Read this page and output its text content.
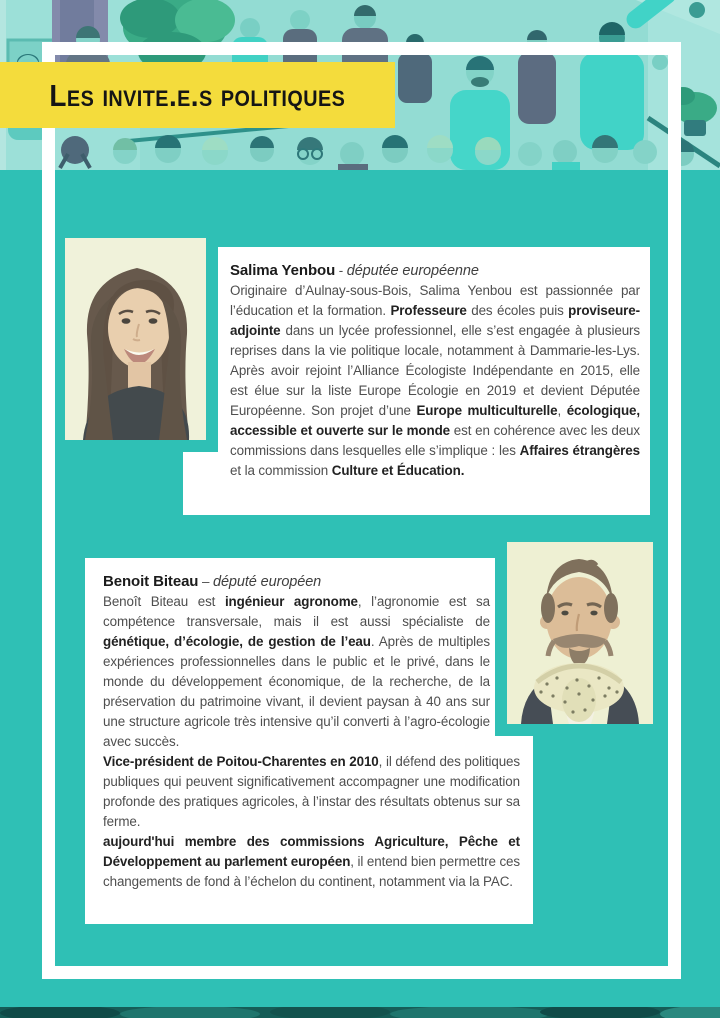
Salima Yenbou - députée européenne
Originaire d’Aulnay-sous-Bois, Salima Yenbou est passionnée par l’éducation et la formation. Professeure des écoles puis proviseure-adjointe dans un lycée professionnel, elle s’est engagée à plusieurs reprises dans la vie politique locale, notamment à Dammarie-les-Lys. Après avoir rejoint l’Alliance Écologiste Indépendante en 2015, elle est élue sur la liste Europe Écologie en 2019 et devient Députée Européenne. Son projet d’une Europe multiculturelle, écologique, accessible et ouverte sur le monde est en cohérence avec les deux commissions dans lesquelles elle s’implique : les Affaires étrangères et la commission Culture et Éducation.
Benoit Biteau – député européen
Benoît Biteau est ingénieur agronome, l’agronomie est sa compétence transversale, mais il est aussi spécialiste de génétique, d’écologie, de gestion de l’eau. Après de multiples expériences professionnelles dans le public et le privé, dans le monde du développement économique, de la recherche, de la préservation du patrimoine vivant, il devient paysan à 40 ans sur une structure agricole très intensive qu’il converti à l’agro-écologie avec succès.
Vice-président de Poitou-Charentes en 2010, il défend des politiques publiques qui peuvent significativement accompagner une modification profonde des pratiques agricoles, à l’instar des résultats obtenus sur sa ferme.
aujourd'hui membre des commissions Agriculture, Pêche et Développement au parlement européen, il entend bien permettre ces changements de fond à l’échelon du continent, notamment via la PAC.
Les invite.e.s politiques
